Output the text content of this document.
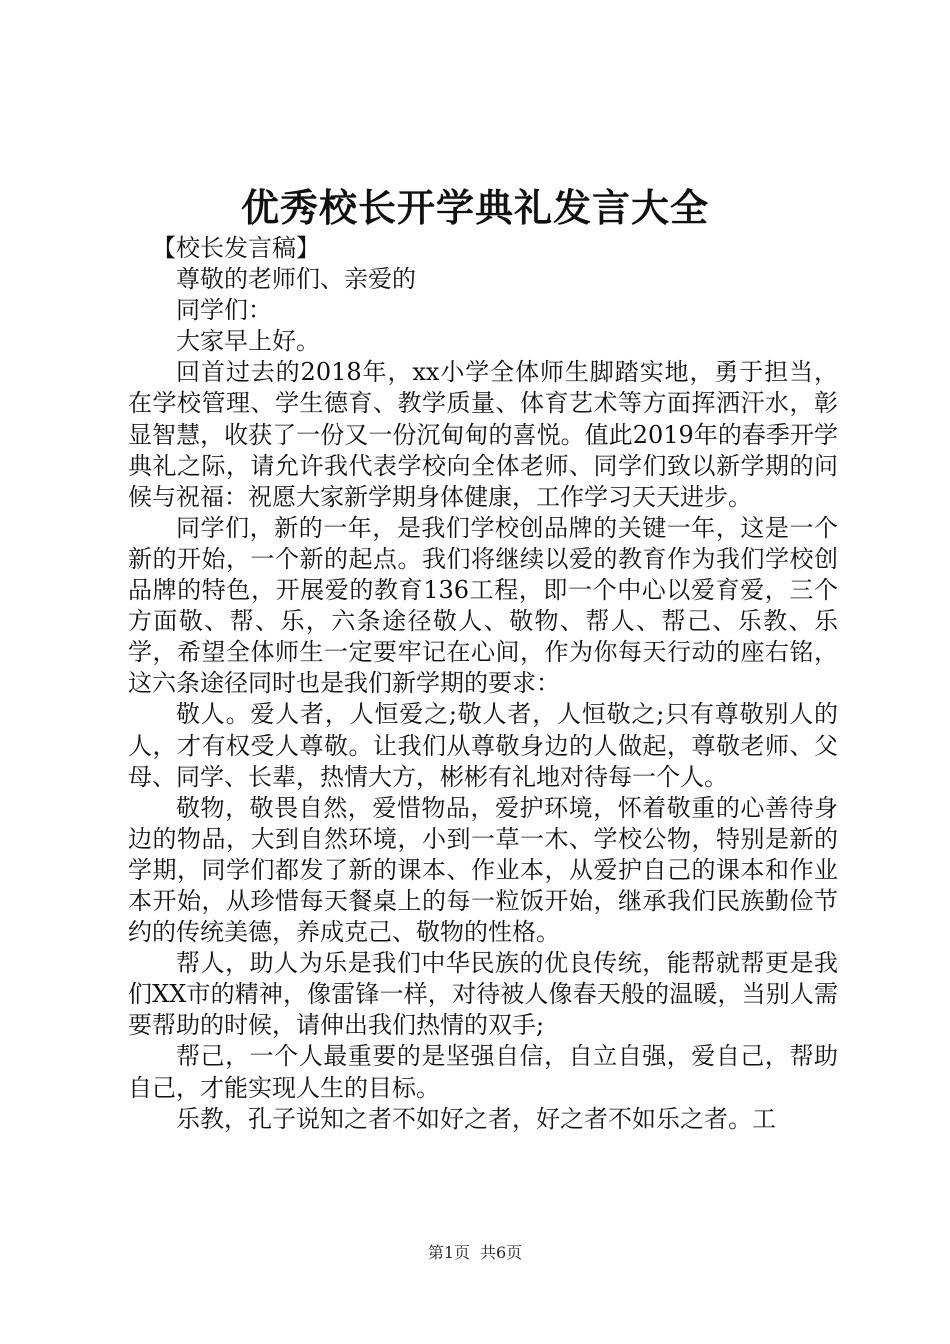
优秀校长开学典礼发言大全

【校长发言稿】

尊敬的老师们、亲爱的

同学们：

大家早上好。

回首过去的2018年，xx小学全体师生脚踏实地，勇于担当，在学校管理、学生德育、教学质量、体育艺术等方面挥洒汗水，彰显智慧，收获了一份又一份沉甸甸的喜悦。值此2019年的春季开学典礼之际，请允许我代表学校向全体老师、同学们致以新学期的问候与祝福：祝愿大家新学期身体健康，工作学习天天进步。

同学们，新的一年，是我们学校创品牌的关键一年，这是一个新的开始，一个新的起点。我们将继续以爱的教育作为我们学校创品牌的特色，开展爱的教育136工程，即一个中心以爱育爱，三个方面敬、帮、乐，六条途径敬人、敬物、帮人、帮己、乐教、乐学，希望全体师生一定要牢记在心间，作为你每天行动的座右铭，这六条途径同时也是我们新学期的要求：

敬人。爱人者，人恒爱之;敬人者，人恒敬之;只有尊敬别人的人，才有权受人尊敬。让我们从尊敬身边的人做起，尊敬老师、父母、同学、长辈，热情大方，彬彬有礼地对待每一个人。

敬物，敬畏自然，爱惜物品，爱护环境，怀着敬重的心善待身边的物品，大到自然环境，小到一草一木、学校公物，特别是新的学期，同学们都发了新的课本、作业本，从爱护自己的课本和作业本开始，从珍惜每天餐桌上的每一粒饭开始，继承我们民族勤俭节约的传统美德，养成克己、敬物的性格。

帮人，助人为乐是我们中华民族的优良传统，能帮就帮更是我们XX市的精神，像雷锋一样，对待被人像春天般的温暖，当别人需要帮助的时候，请伸出我们热情的双手;

帮己，一个人最重要的是坚强自信，自立自强，爱自己，帮助自己，才能实现人生的目标。

乐教，孔子说知之者不如好之者，好之者不如乐之者。工

第1页 共6页
